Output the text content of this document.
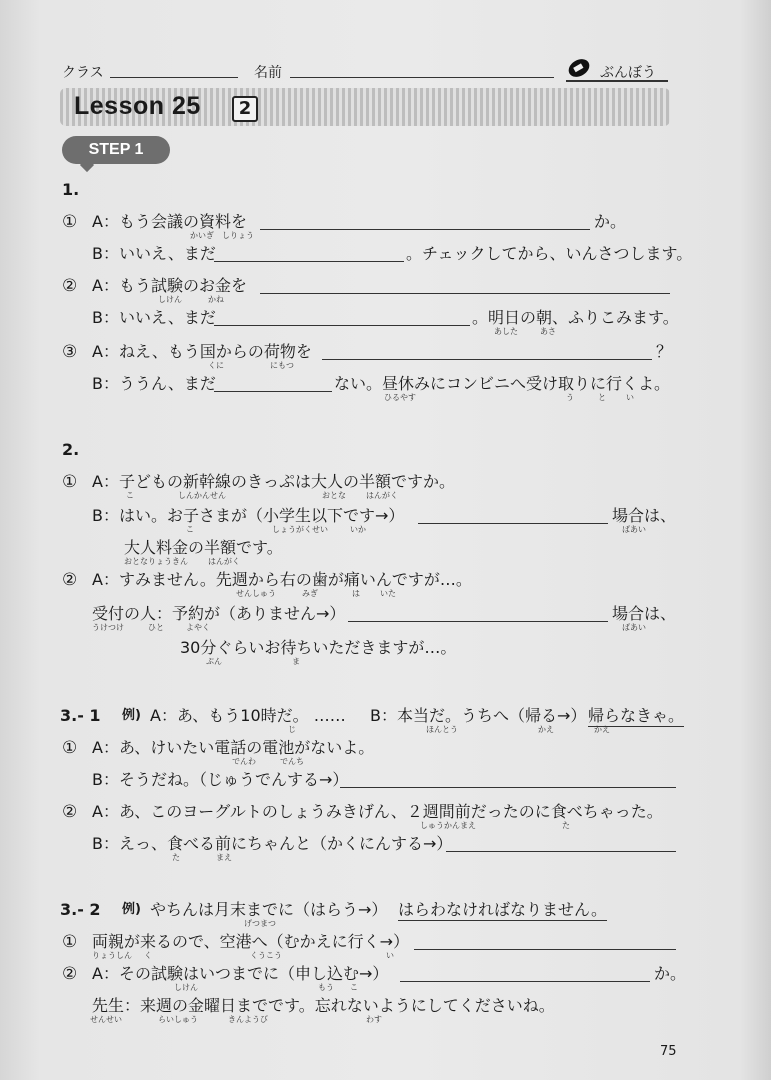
クラス	名前	ぶんぼう
Lesson 25	2
STEP 1
1.
① A：もう会議の資料を
かいぎ しりょう
か。
B：いいえ、まだ	。チェックしてから、いんさつします。
② A：もう試験のお金を
しけん	かね
B：いいえ、まだ	。明日の朝、ふりこみます。
あした	あさ
③ A：ねえ、もう国からの荷物を
くに	にもつ
？
B：ううん、まだ	ない。昼休みにコンビニへ受け取りに行くよ。
ひるやす	う	と	い
2.
① A：子どもの新幹線のきっぷは大人の半額ですか。
こ	しんかんせん	おとな	はんがく
B：はい。お子さまが（小学生以下です→）
こ	しょうがくせい	いか
場合は、
ばあい
大人料金の半額です。
おとなりょうきん	はんがく
② A：すみません。先週から右の歯が痛いんですが…。
せんしゅう	みぎ	は	いた
受付の人：予約が（ありません→）
うけつけ	ひと	よやく
場合は、
ばあい
30分ぐらいお待ちいただきますが…。
ぷん	ま
3.- 1 例) A：あ、もう10時だ。 ……
じ
B：本当だ。うちへ（帰る→）
ほんとう	かえ
帰らなきゃ。
かえ
① A：あ、けいたい電話の電池がないよ。
でんわ	でんち
B：そうだね。（じゅうでんする→）
② A：あ、このヨーグルトのしょうみきげん、２週間前だったのに食べちゃった。
しゅうかんまえ	た
B：えっ、食べる前にちゃんと（かくにんする→）
た	まえ
3.- 2 例) やちんは月末までに（はらう→）
げつまつ
はらわなければなりません。
① 両親が来るので、空港へ（むかえに行く→）
りょうしん く	くうこう	い
② A：その試験はいつまでに（申し込む→）
しけん	もう こ
か。
先生：来週の金曜日までです。忘れないようにしてくださいね。
せんせい	らいしゅう	きんようび	わす
75
